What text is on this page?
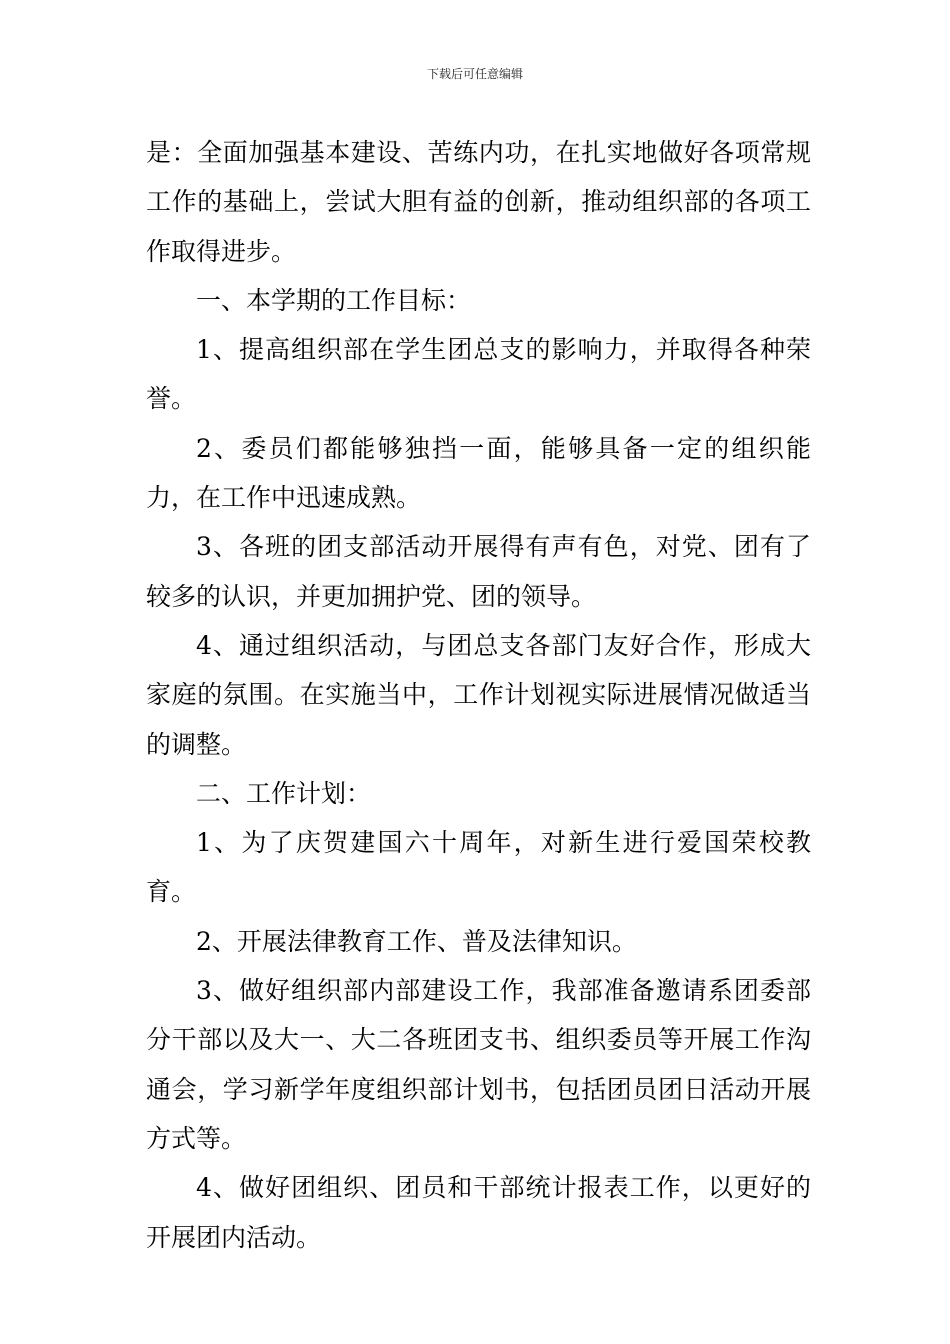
下载后可任意编辑

是：全面加强基本建设、苦练内功，在扎实地做好各项常规工作的基础上，尝试大胆有益的创新，推动组织部的各项工作取得进步。

一、本学期的工作目标：

1、提高组织部在学生团总支的影响力，并取得各种荣誉。

2、委员们都能够独挡一面，能够具备一定的组织能力，在工作中迅速成熟。

3、各班的团支部活动开展得有声有色，对党、团有了较多的认识，并更加拥护党、团的领导。

4、通过组织活动，与团总支各部门友好合作，形成大家庭的氛围。在实施当中，工作计划视实际进展情况做适当的调整。

二、工作计划：

1、为了庆贺建国六十周年，对新生进行爱国荣校教育。

2、开展法律教育工作、普及法律知识。

3、做好组织部内部建设工作，我部准备邀请系团委部分干部以及大一、大二各班团支书、组织委员等开展工作沟通会，学习新学年度组织部计划书，包括团员团日活动开展方式等。

4、做好团组织、团员和干部统计报表工作，以更好的开展团内活动。
